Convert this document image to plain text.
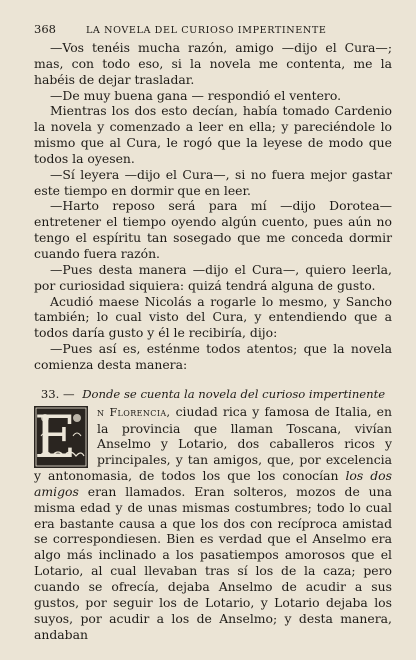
368	LA NOVELA DEL CURIOSO IMPERTINENTE

—Vos tenéis mucha razón, amigo —dijo el Cura—; mas, con todo eso, si la novela me contenta, me la habéis de dejar trasladar.

—De muy buena gana — respondió el ventero.

Mientras los dos esto decían, había tomado Cardenio la novela y comenzado a leer en ella; y pareciéndole lo mismo que al Cura, le rogó que la leyese de modo que todos la oyesen.

—Sí leyera —dijo el Cura—, si no fuera mejor gastar este tiempo en dormir que en leer.

—Harto reposo será para mí —dijo Dorotea— entretener el tiempo oyendo algún cuento, pues aún no tengo el espíritu tan sosegado que me conceda dormir cuando fuera razón.

—Pues desta manera —dijo el Cura—, quiero leerla, por curiosidad siquiera: quizá tendrá alguna de gusto.

Acudió maese Nicolás a rogarle lo mesmo, y Sancho también; lo cual visto del Cura, y entendiendo que a todos daría gusto y él le recibiría, dijo:

—Pues así es, esténme todos atentos; que la novela comienza desta manera:

33. — Donde se cuenta la novela del curioso impertinente

E	n Florencia, ciudad rica y famosa de Italia, en la provincia que llaman Toscana, vivían Anselmo y Lotario, dos caballeros ricos y principales, y tan amigos, que, por excelencia y antonomasia, de todos los que los conocían los dos amigos eran llamados. Eran solteros, mozos de una misma edad y de unas mismas costumbres; todo lo cual era bastante causa a que los dos con recíproca amistad se correspondiesen. Bien es verdad que el Anselmo era algo más inclinado a los pasatiempos amorosos que el Lotario, al cual llevaban tras sí los de la caza; pero cuando se ofrecía, dejaba Anselmo de acudir a sus gustos, por seguir los de Lotario, y Lotario dejaba los suyos, por acudir a los de Anselmo; y desta manera, andaban
